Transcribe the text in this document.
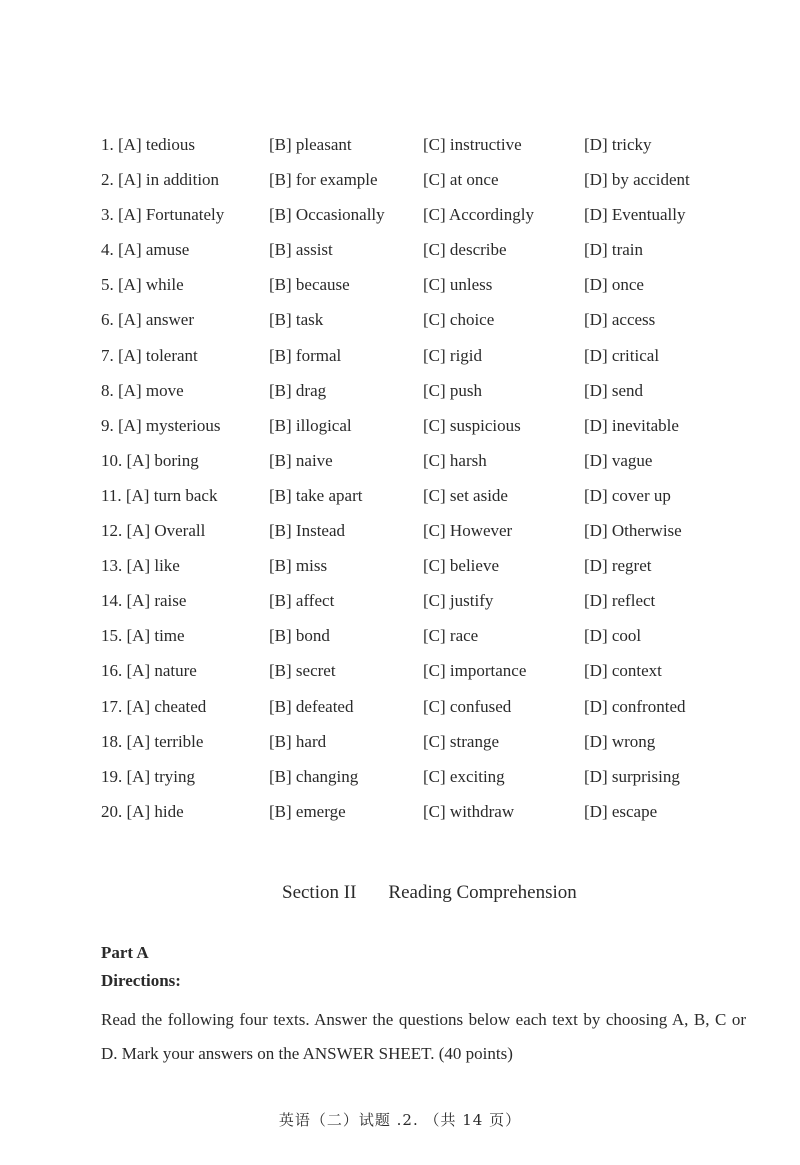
1. [A] tedious	[B] pleasant	[C] instructive	[D] tricky
2. [A] in addition	[B] for example	[C] at once	[D] by accident
3. [A] Fortunately	[B] Occasionally [C] Accordingly	[D] Eventually
4. [A] amuse	[B] assist	[C] describe	[D] train
5. [A] while	[B] because	[C] unless	[D] once
6. [A] answer	[B] task	[C] choice	[D] access
7. [A] tolerant	[B] formal	[C] rigid	[D] critical
8. [A] move	[B] drag	[C] push	[D] send
9. [A] mysterious	[B] illogical	[C] suspicious	[D] inevitable
10. [A] boring	[B] naive	[C] harsh	[D] vague
11. [A] turn back	[B] take apart	[C] set aside	[D] cover up
12. [A] Overall	[B] Instead	[C] However	[D] Otherwise
13. [A] like	[B] miss	[C] believe	[D] regret
14. [A] raise	[B] affect	[C] justify	[D] reflect
15. [A] time	[B] bond	[C] race	[D] cool
16. [A] nature	[B] secret	[C] importance	[D] context
17. [A] cheated	[B] defeated	[C] confused	[D] confronted
18. [A] terrible	[B] hard	[C] strange	[D] wrong
19. [A] trying	[B] changing	[C] exciting	[D] surprising
20. [A] hide	[B] emerge	[C] withdraw	[D] escape
Section II Reading Comprehension
Part A
Directions:
Read the following four texts. Answer the questions below each text by choosing A, B, C or D. Mark your answers on the ANSWER SHEET. (40 points)
英语（二）试题 .2. （共 14 页）
